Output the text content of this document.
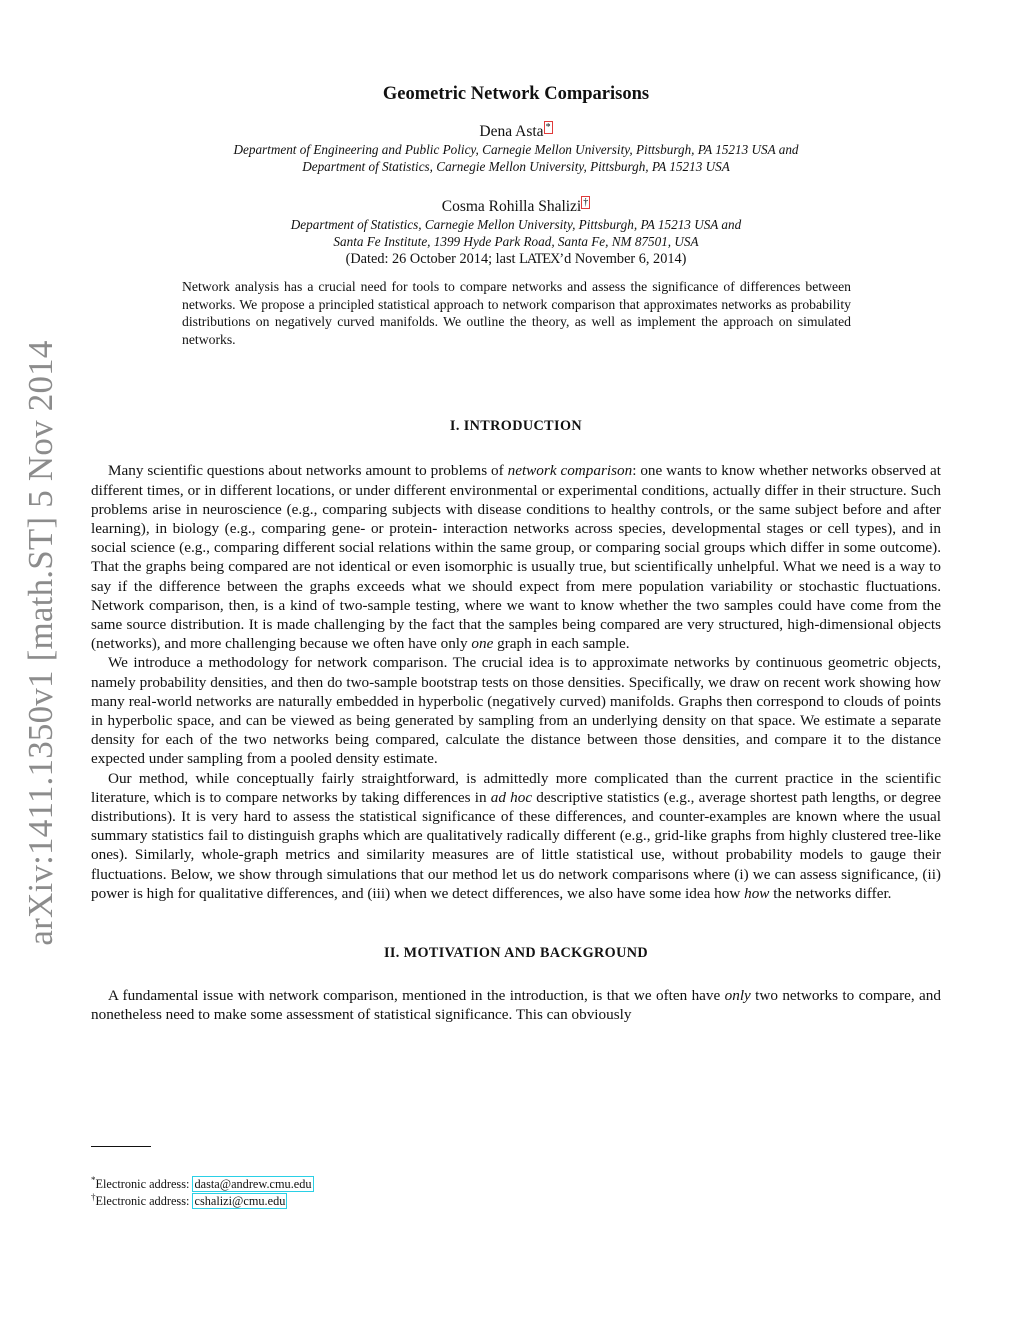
arXiv:1411.1350v1 [math.ST] 5 Nov 2014
Geometric Network Comparisons

Dena Asta *

Department of Engineering and Public Policy, Carnegie Mellon University, Pittsburgh, PA 15213 USA and

Department of Statistics, Carnegie Mellon University, Pittsburgh, PA 15213 USA

Cosma Rohilla Shalizi †

Department of Statistics, Carnegie Mellon University, Pittsburgh, PA 15213 USA and

Santa Fe Institute, 1399 Hyde Park Road, Santa Fe, NM 87501, USA

(Dated: 26 October 2014; last LATEX’d November 6, 2014)

Network analysis has a crucial need for tools to compare networks and assess the significance of differences between networks. We propose a principled statistical approach to network comparison that approximates networks as probability distributions on negatively curved manifolds. We outline the theory, as well as implement the approach on simulated networks.

I. INTRODUCTION

Many scientific questions about networks amount to problems of network comparison: one wants to know whether networks observed at different times, or in different locations, or under different environmental or experimental conditions, actually differ in their structure. Such problems arise in neuroscience (e.g., comparing subjects with disease conditions to healthy controls, or the same subject before and after learning), in biology (e.g., comparing gene- or protein- interaction networks across species, developmental stages or cell types), and in social science (e.g., comparing different social relations within the same group, or comparing social groups which differ in some outcome). That the graphs being compared are not identical or even isomorphic is usually true, but scientifically unhelpful. What we need is a way to say if the difference between the graphs exceeds what we should expect from mere population variability or stochastic fluctuations. Network comparison, then, is a kind of two-sample testing, where we want to know whether the two samples could have come from the same source distribution. It is made challenging by the fact that the samples being compared are very structured, high-dimensional objects (networks), and more challenging because we often have only one graph in each sample.

We introduce a methodology for network comparison. The crucial idea is to approximate networks by continuous geometric objects, namely probability densities, and then do two-sample bootstrap tests on those densities. Specifically, we draw on recent work showing how many real-world networks are naturally embedded in hyperbolic (negatively curved) manifolds. Graphs then correspond to clouds of points in hyperbolic space, and can be viewed as being generated by sampling from an underlying density on that space. We estimate a separate density for each of the two networks being compared, calculate the distance between those densities, and compare it to the distance expected under sampling from a pooled density estimate.

Our method, while conceptually fairly straightforward, is admittedly more complicated than the current practice in the scientific literature, which is to compare networks by taking differences in ad hoc descriptive statistics (e.g., average shortest path lengths, or degree distributions). It is very hard to assess the statistical significance of these differences, and counter-examples are known where the usual summary statistics fail to distinguish graphs which are qualitatively radically different (e.g., grid-like graphs from highly clustered tree-like ones). Similarly, whole-graph metrics and similarity measures are of little statistical use, without probability models to gauge their fluctuations. Below, we show through simulations that our method let us do network comparisons where (i) we can assess significance, (ii) power is high for qualitative differences, and (iii) when we detect differences, we also have some idea how how the networks differ.

II. MOTIVATION AND BACKGROUND

A fundamental issue with network comparison, mentioned in the introduction, is that we often have only two networks to compare, and nonetheless need to make some assessment of statistical significance. This can obviously

*Electronic address: dasta@andrew.cmu.edu
†Electronic address: cshalizi@cmu.edu
